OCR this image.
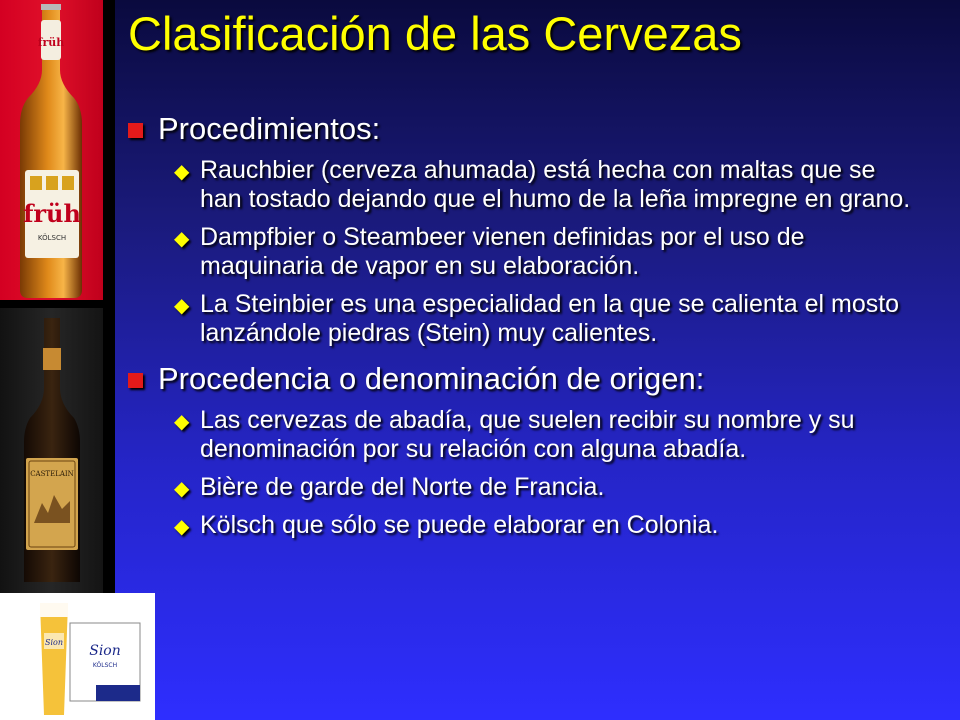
früh
früh
KÖLSCH
CASTELAIN
Sion
KÖLSCH
Sion
Clasificación de las Cervezas
Procedimientos:
◆ Rauchbier (cerveza ahumada) está hecha con maltas que se han tostado dejando que el humo de la leña impregne en grano.
◆ Dampfbier o Steambeer vienen definidas por el uso de maquinaria de vapor en su elaboración.
◆ La Steinbier es una especialidad en la que se calienta el mosto lanzándole piedras (Stein) muy calientes.
Procedencia o denominación de origen:
◆ Las cervezas de abadía, que suelen recibir su nombre y su denominación por su relación con alguna abadía.
◆ Bière de garde del Norte de Francia.
◆ Kölsch que sólo se puede elaborar en Colonia.
